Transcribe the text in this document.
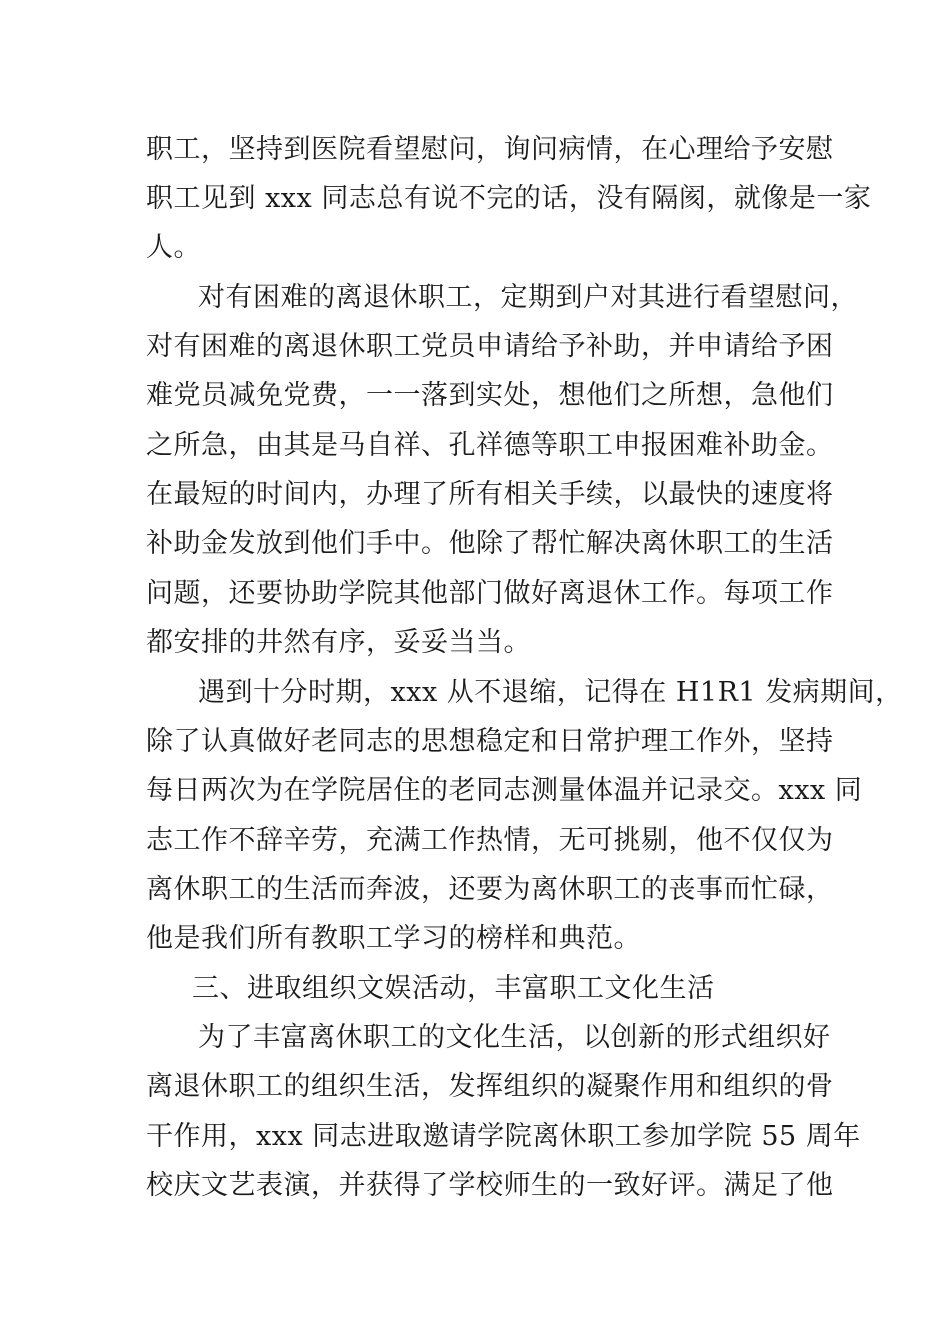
职工，坚持到医院看望慰问，询问病情，在心理给予安慰
职工见到 xxx 同志总有说不完的话，没有隔阂，就像是一家
人。
对有困难的离退休职工，定期到户对其进行看望慰问，
对有困难的离退休职工党员申请给予补助，并申请给予困
难党员减免党费，一一落到实处，想他们之所想，急他们
之所急，由其是马自祥、孔祥德等职工申报困难补助金。
在最短的时间内，办理了所有相关手续，以最快的速度将
补助金发放到他们手中。他除了帮忙解决离休职工的生活
问题，还要协助学院其他部门做好离退休工作。每项工作
都安排的井然有序，妥妥当当。
遇到十分时期，xxx 从不退缩，记得在 H1R1 发病期间，
除了认真做好老同志的思想稳定和日常护理工作外，坚持
每日两次为在学院居住的老同志测量体温并记录交。xxx 同
志工作不辞辛劳，充满工作热情，无可挑剔，他不仅仅为
离休职工的生活而奔波，还要为离休职工的丧事而忙碌，
他是我们所有教职工学习的榜样和典范。
三、进取组织文娱活动，丰富职工文化生活
为了丰富离休职工的文化生活，以创新的形式组织好
离退休职工的组织生活，发挥组织的凝聚作用和组织的骨
干作用，xxx 同志进取邀请学院离休职工参加学院 55 周年
校庆文艺表演，并获得了学校师生的一致好评。满足了他
